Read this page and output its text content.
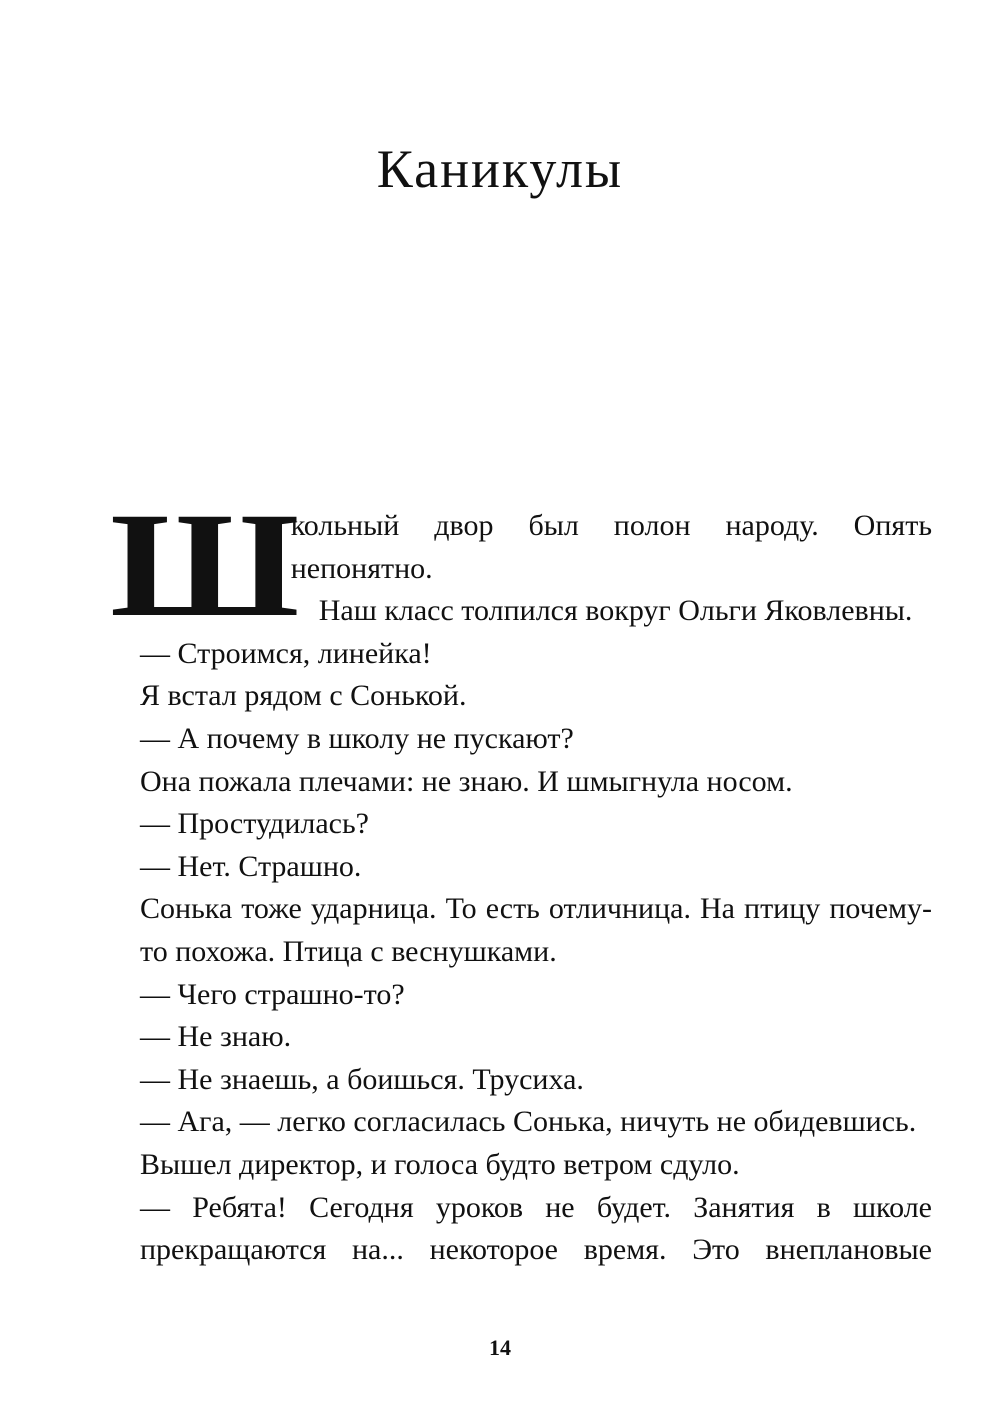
Каникулы
Ш

кольный двор был полон народу. Опять непонятно.

Наш класс толпился вокруг Ольги Яковлевны.

— Строимся, линейка!

Я встал рядом с Сонькой.

— А почему в школу не пускают?

Она пожала плечами: не знаю. И шмыгнула носом.

— Простудилась?

— Нет. Страшно.

Сонька тоже ударница. То есть отличница. На птицу почему-то похожа. Птица с веснушками.

— Чего страшно-то?

— Не знаю.

— Не знаешь, а боишься. Трусиха.

— Ага, — легко согласилась Сонька, ничуть не обидевшись.

Вышел директор, и голоса будто ветром сдуло.

— Ребята! Сегодня уроков не будет. Занятия в школе прекращаются на... некоторое время. Это внеплановые

14
